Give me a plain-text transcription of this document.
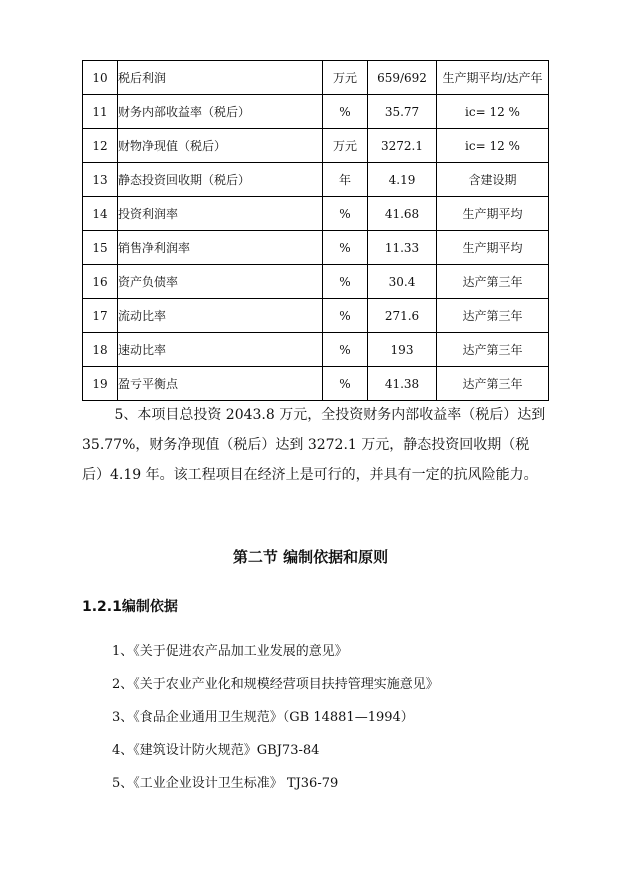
10	税后利润	万元	659/692	生产期平均/达产年
11	财务内部收益率（税后）	%	35.77	ic= 12 %
12	财物净现值（税后）	万元	3272.1	ic= 12 %
13	静态投资回收期（税后）	年	4.19	含建设期
14	投资利润率	%	41.68	生产期平均
15	销售净利润率	%	11.33	生产期平均
16	资产负债率	%	30.4	达产第三年
17	流动比率	%	271.6	达产第三年
18	速动比率	%	193	达产第三年
19	盈亏平衡点	%	41.38	达产第三年
　　 5、本项目总投资 2043.8 万元，全投资财务内部收益率（税后）达到 35.77%，财务净现值（税后）达到 3272.1 万元，静态投资回收期（税后）4.19 年。该工程项目在经济上是可行的，并具有一定的抗风险能力。
第二节 编制依据和原则
1.2.1编制依据
1、《关于促进农产品加工业发展的意见》
2、《关于农业产业化和规模经营项目扶持管理实施意见》
3、《食品企业通用卫生规范》（GB 14881—1994）
4、《建筑设计防火规范》GBJ73-84
5、《工业企业设计卫生标准》 TJ36-79
